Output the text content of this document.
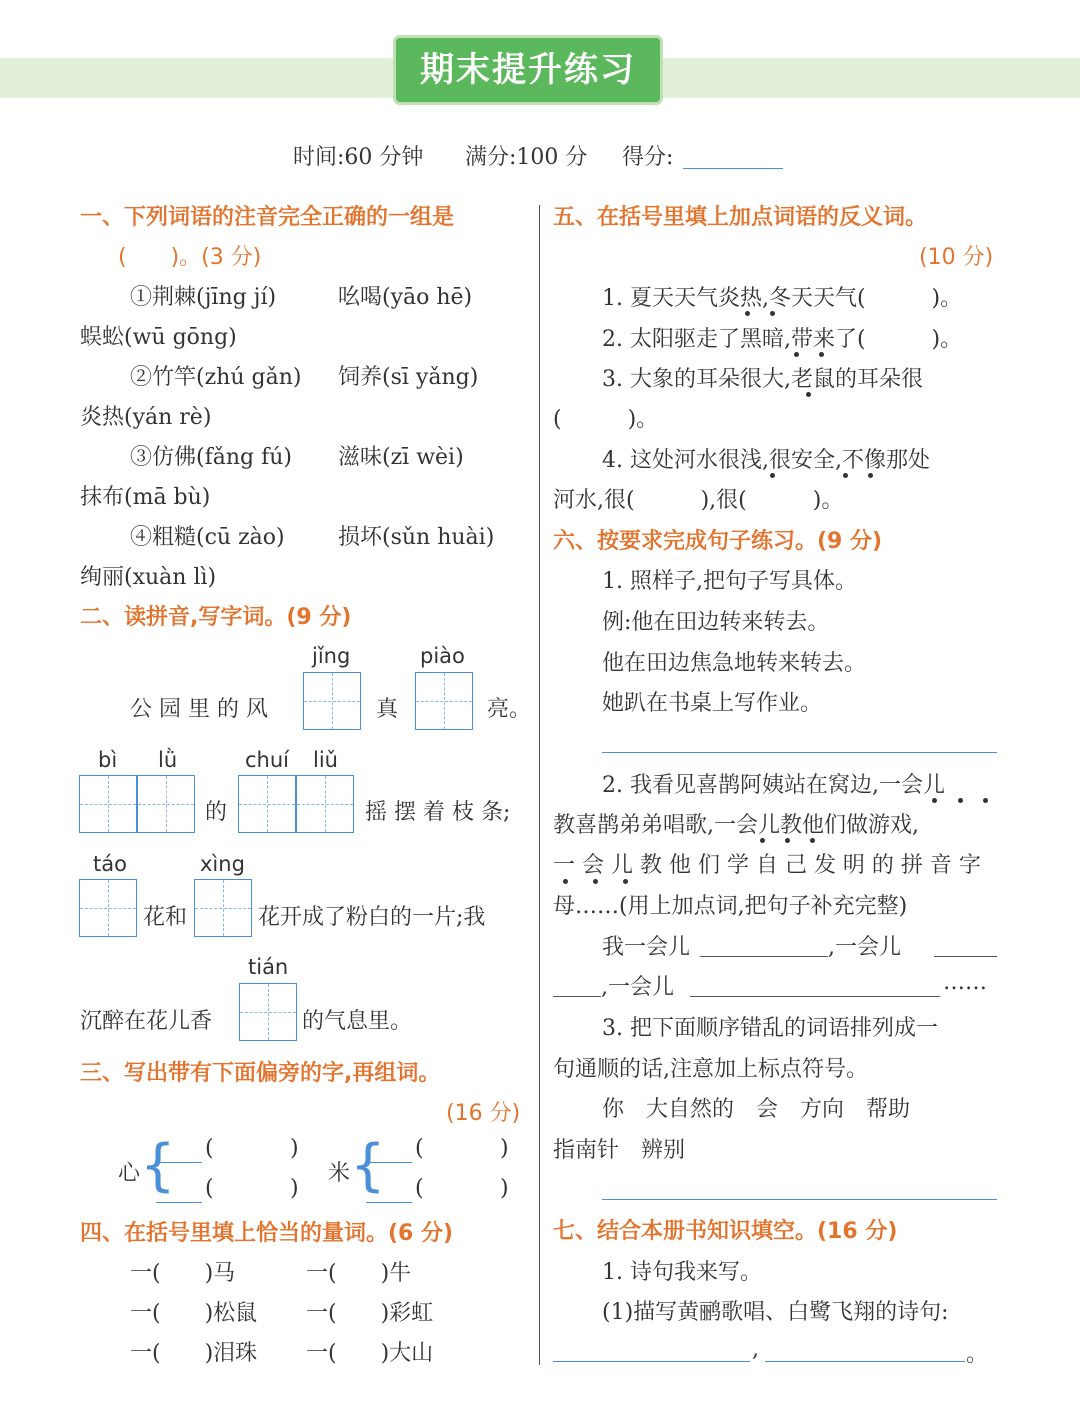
期末提升练习
时间:60 分钟 满分:100 分 得分:
一、下列词语的注音完全正确的一组是
(　　)。(3 分)
①荆棘(jīng jí)	吆喝(yāo hē)
蜈蚣(wū gōng)
②竹竿(zhú gǎn) 饲养(sī yǎng)
炎热(yán rè)
③仿佛(fǎng fú) 滋味(zī wèi)
抹布(mā bù)
④粗糙(cū zào) 损坏(sǔn huài)
绚丽(xuàn lì)
二、读拼音,写字词。(9 分)
jǐng	piào
公 园 里 的 风	真	亮。
bì lǜ	chuí liǔ
的	摇 摆 着 枝 条;
táo	xìng
花和	花开成了粉白的一片;我
tián
沉醉在花儿香	的气息里。
三、写出带有下面偏旁的字,再组词。
(16 分)
心 { (	)
(	)
米 { (	)
(	)
四、在括号里填上恰当的量词。(6 分)
一(　　)马	一(　　)牛
一(　　)松鼠 一(　　)彩虹
一(　　)泪珠 一(　　)大山
五、在括号里填上加点词语的反义词。
(10 分)
1. 夏天天气炎热,冬天天气(　　　)。
2. 太阳驱走了黑暗,带来了(　　　)。
3. 大象的耳朵很大,老鼠的耳朵很
(　　　)。
4. 这处河水很浅,很安全,不像那处
河水,很(　　　),很(　　　)。
六、按要求完成句子练习。(9 分)
1. 照样子,把句子写具体。
例:他在田边转来转去。
他在田边焦急地转来转去。
她趴在书桌上写作业。
2. 我看见喜鹊阿姨站在窝边,一会儿
教喜鹊弟弟唱歌,一会儿教他们做游戏,
一 会 儿 教 他 们 学 自 己 发 明 的 拼 音 字
母……(用上加点词,把句子补充完整)
我一会儿	,一会儿
,一会儿	……
3. 把下面顺序错乱的词语排列成一
句通顺的话,注意加上标点符号。
你　大自然的　会　方向　帮助
指南针　辨别
七、结合本册书知识填空。(16 分)
1. 诗句我来写。
(1)描写黄鹂歌唱、白鹭飞翔的诗句:
,	。
